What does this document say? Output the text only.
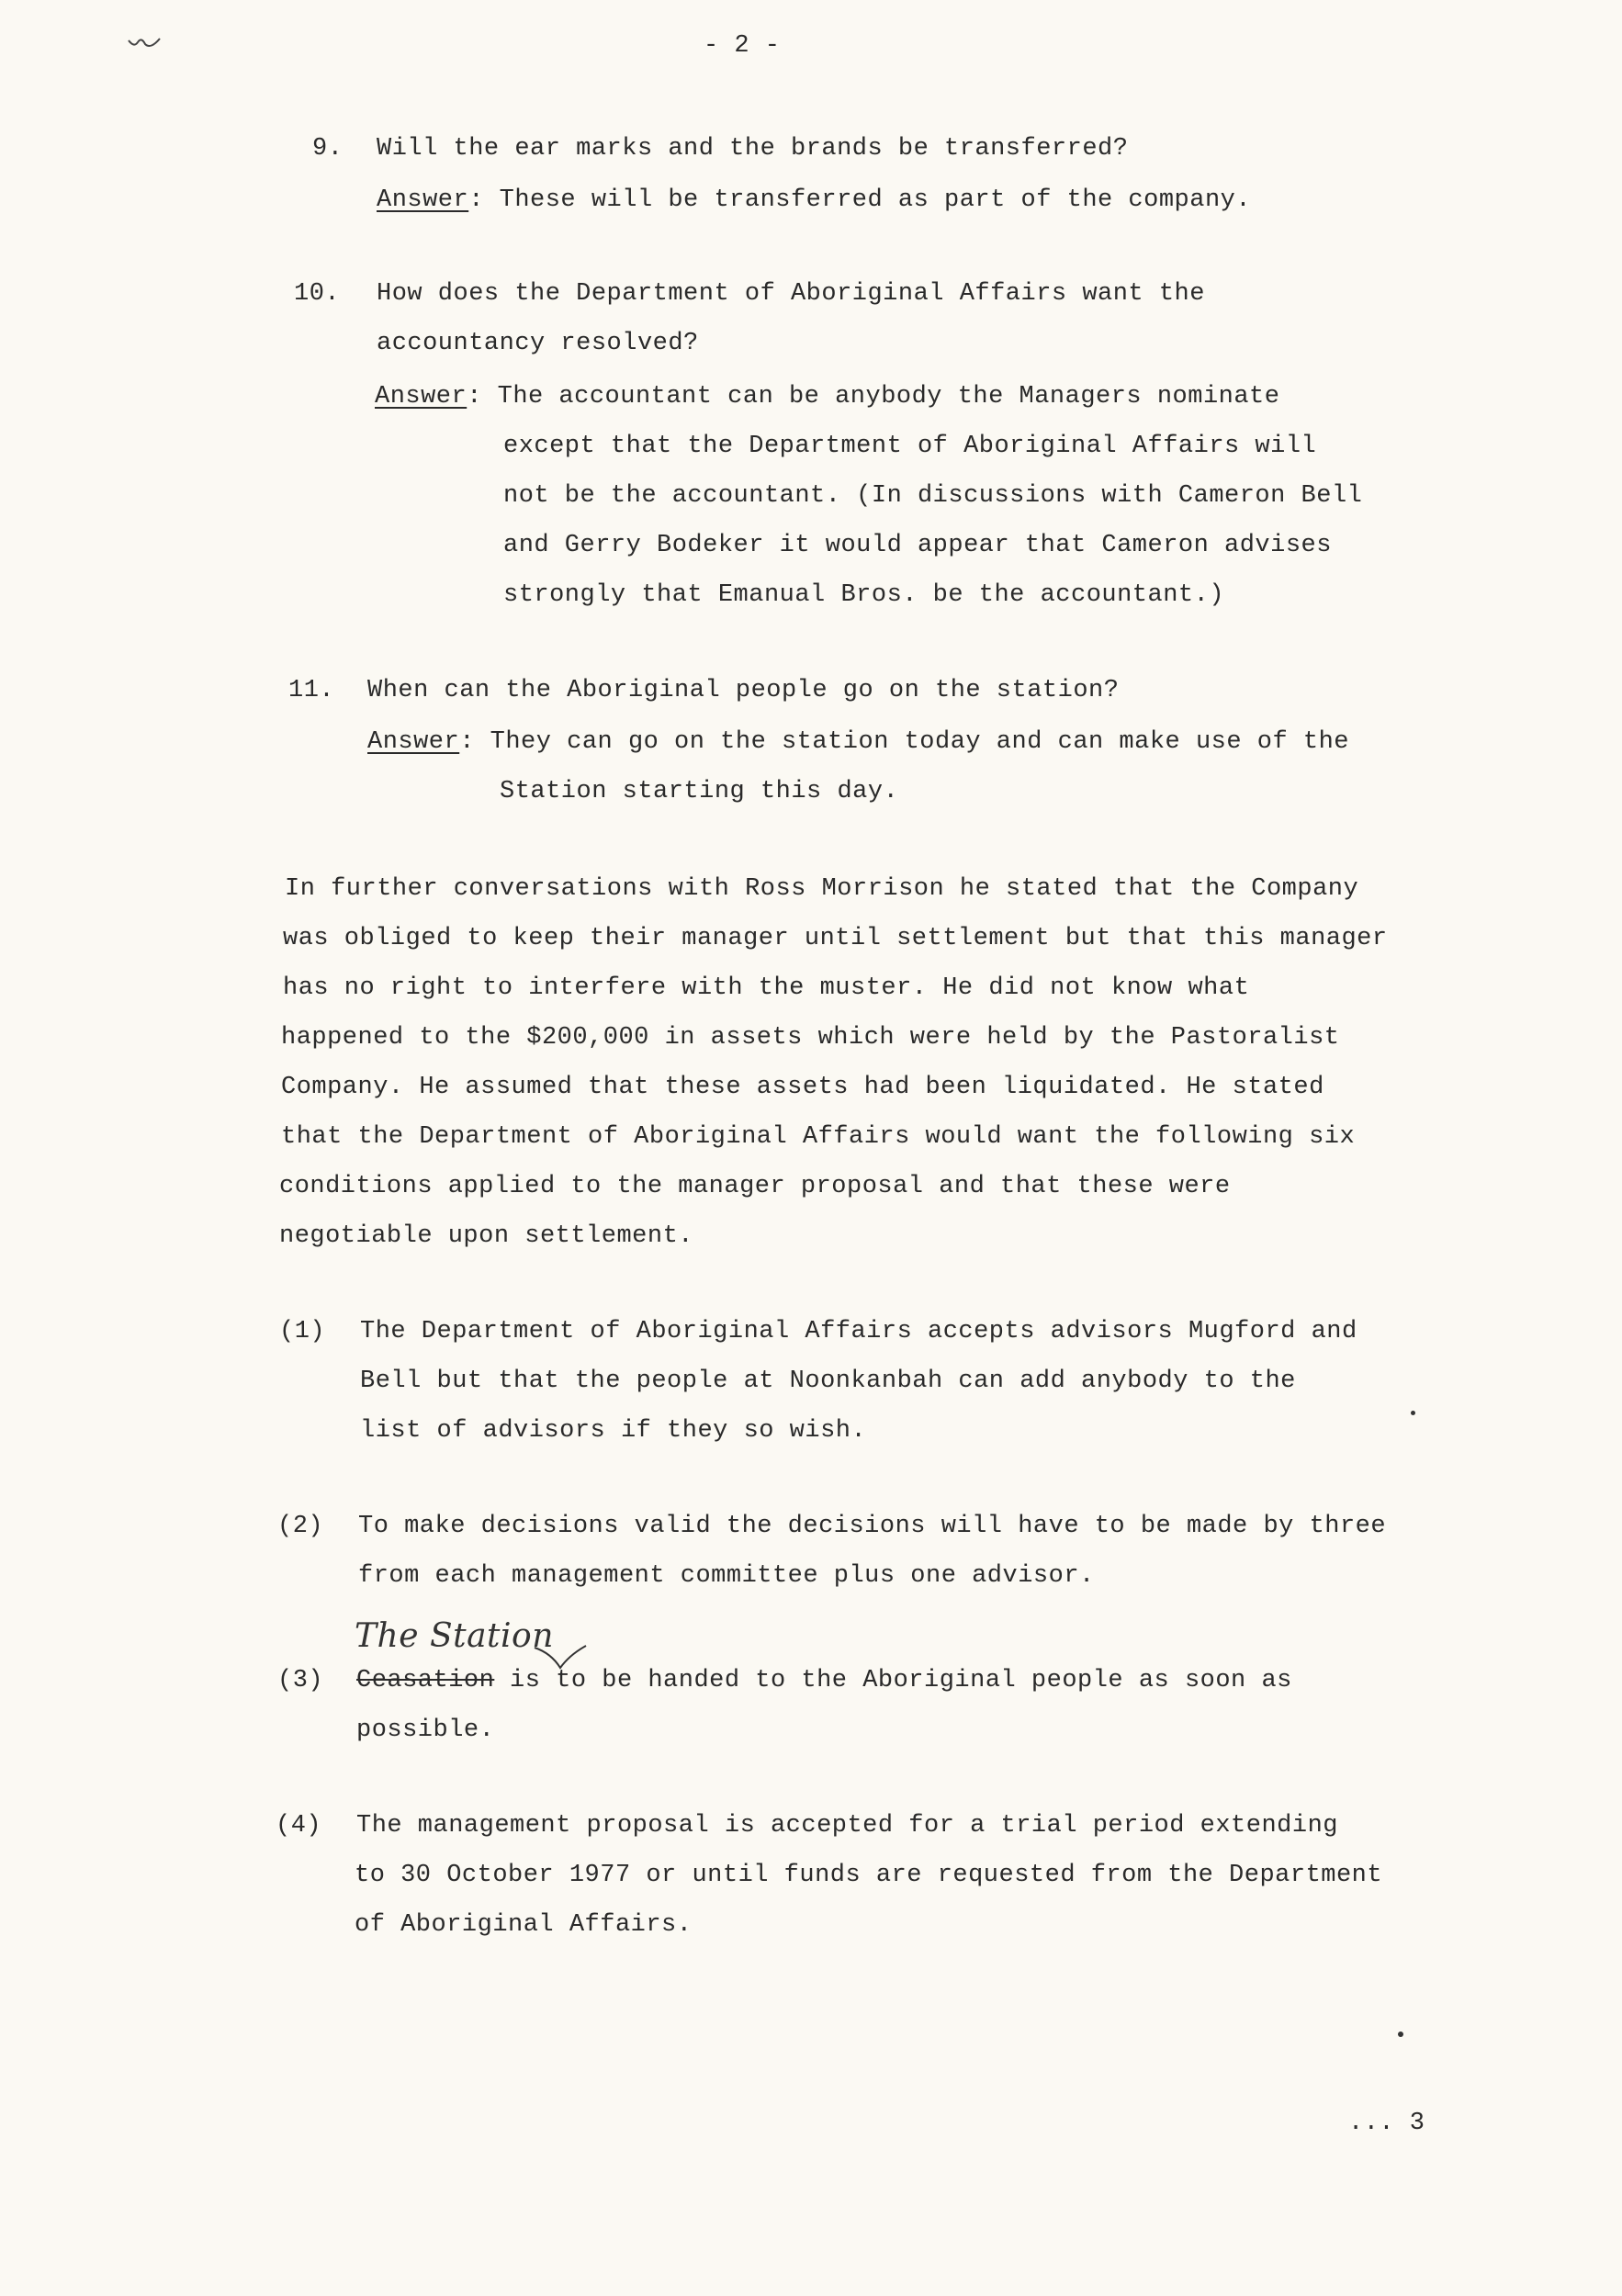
- 2 -
9. Will the ear marks and the brands be transferred?
Answer: These will be transferred as part of the company.
10. How does the Department of Aboriginal Affairs want the
accountancy resolved?
Answer: The accountant can be anybody the Managers nominate
except that the Department of Aboriginal Affairs will
not be the accountant. (In discussions with Cameron Bell
and Gerry Bodeker it would appear that Cameron advises
strongly that Emanual Bros. be the accountant.)
11. When can the Aboriginal people go on the station?
Answer: They can go on the station today and can make use of the
Station starting this day.
In further conversations with Ross Morrison he stated that the Company
was obliged to keep their manager until settlement but that this manager
has no right to interfere with the muster. He did not know what
happened to the $200,000 in assets which were held by the Pastoralist
Company. He assumed that these assets had been liquidated. He stated
that the Department of Aboriginal Affairs would want the following six
conditions applied to the manager proposal and that these were
negotiable upon settlement.
(1) The Department of Aboriginal Affairs accepts advisors Mugford and
Bell but that the people at Noonkanbah can add anybody to the
list of advisors if they so wish.
(2) To make decisions valid the decisions will have to be made by three
from each management committee plus one advisor.
The Station
(3) Ceasation is to be handed to the Aboriginal people as soon as
possible.
(4) The management proposal is accepted for a trial period extending
to 30 October 1977 or until funds are requested from the Department
of Aboriginal Affairs.
... 3
